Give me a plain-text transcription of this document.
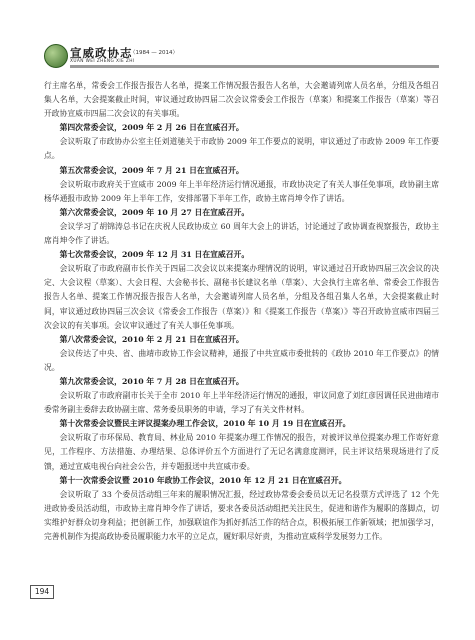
宣威政协志
（1984 — 2014）
XUAN WEI ZHENG XIE ZHI

行主席名单，常委会工作报告报告人名单，提案工作情况报告报告人名单，大会邀请列席人员名单，分组及各组召集人名单，大会提案截止时间，审议通过政协四届二次会议常委会工作报告（草案）和提案工作报告（草案）等召开政协宣威市四届二次会议的有关事项。

第四次常委会议，2009 年 2 月 26 日在宣威召开。

会议听取了市政协办公室主任刘道驰关于市政协 2009 年工作要点的说明，审议通过了市政协 2009 年工作要点。

第五次常委会议，2009 年 7 月 21 日在宣威召开。

会议听取市政府关于宣威市 2009 年上半年经济运行情况通报，市政协决定了有关人事任免事项，政协副主席杨华通报市政协 2009 年上半年工作，安排部署下半年工作，政协主席肖坤令作了讲话。

第六次常委会议，2009 年 10 月 27 日在宣威召开。

会议学习了胡锦涛总书记在庆祝人民政协成立 60 周年大会上的讲话，讨论通过了政协调查视察报告，政协主席肖坤令作了讲话。

第七次常委会议，2009 年 12 月 31 日在宣威召开。

会议听取了市政府副市长作关于四届二次会议以来提案办理情况的说明，审议通过召开政协四届三次会议的决定、大会议程（草案）、大会日程、大会秘书长、副秘书长建议名单（草案）、大会执行主席名单、常委会工作报告报告人名单、提案工作情况报告报告人名单，大会邀请列席人员名单，分组及各组召集人名单，大会提案截止时间，审议通过政协四届三次会议《常委会工作报告（草案）》和《提案工作报告（草案）》等召开政协宣威市四届三次会议的有关事项。会议审议通过了有关人事任免事项。

第八次常委会议，2010 年 2 月 21 日在宣威召开。

会议传达了中央、省、曲靖市政协工作会议精神，通报了中共宣威市委批转的《政协 2010 年工作要点》的情况。

第九次常委会议，2010 年 7 月 28 日在宣威召开。

会议听取了市政府副市长关于全市 2010 年上半年经济运行情况的通报，审议同意了刘红彦因调任民进曲靖市委常务副主委辞去政协副主席、常务委员职务的申请，学习了有关文件材料。

第十次常委会议暨民主评议提案办理工作会议，2010 年 10 月 19 日在宣威召开。

会议听取了市环保局、教育局、林业局 2010 年提案办理工作情况的报告，对被评议单位提案办理工作寄好意见，工作程序、方法措施、办理结果、总体评价五个方面进行了无记名满意度测评，民主评议结果现场进行了反馈，通过宣威电视台向社会公告，并专题报送中共宣威市委。

第十一次常委会议暨 2010 年政协工作会议，2010 年 12 月 21 日在宣威召开。

会议听取了 33 个委员活动组三年来的履职情况汇报，经过政协常委会委员以无记名投票方式评选了 12 个先进政协委员活动组，市政协主席肖坤令作了讲话，要求各委员活动组把关注民生，促进和谐作为履职的落脚点，切实维护好群众切身利益；把创新工作，加强联谊作为抓好抓活工作的结合点，积极拓展工作新领域；把加强学习，完善机制作为提高政协委员履职能力水平的立足点，履好职尽好责，为推动宣威科学发展努力工作。

194
